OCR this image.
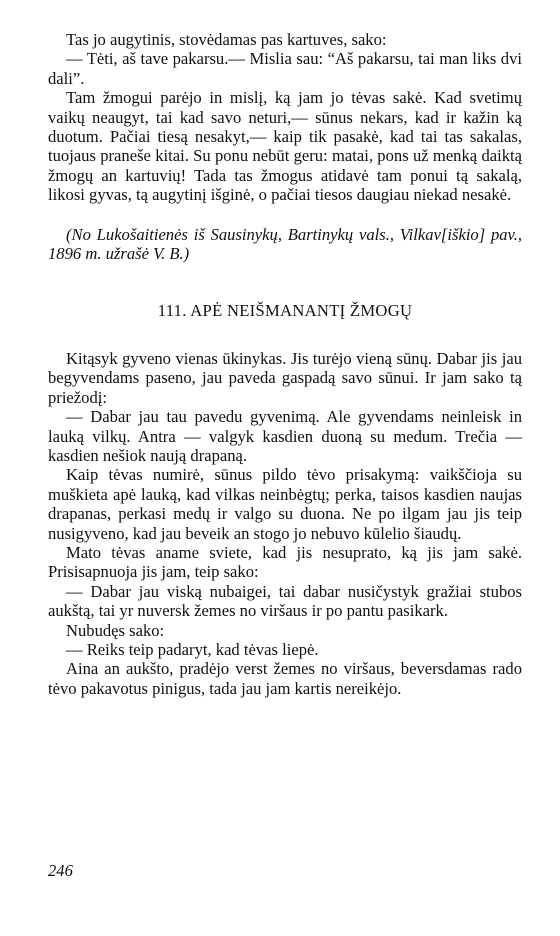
Tas jo augytinis, stovėdamas pas kartuves, sako:

— Tėti, aš tave pakarsu.— Mislia sau: “Aš pakarsu, tai man liks dvi dali”.

Tam žmogui parėjo in mislį, ką jam jo tėvas sakė. Kad svetimų vaikų neaugyt, tai kad savo neturi,— sūnus nekars, kad ir kažin ką duotum. Pačiai tiesą nesakyt,— kaip tik pasakė, kad tai tas sakalas, tuojaus praneše kitai. Su ponu nebūt geru: matai, pons už menką daiktą žmogų an kartuvių! Tada tas žmogus atidavė tam ponui tą sakalą, likosi gyvas, tą augytinį išginė, o pačiai tiesos daugiau niekad nesakė.

(No Lukošaitienės iš Sausinykų, Bartinykų vals., Vilkav[iškio] pav., 1896 m. užrašė V. B.)

111. APĖ NEIŠMANANTĮ ŽMOGŲ

Kitąsyk gyveno vienas ūkinykas. Jis turėjo vieną sūnų. Dabar jis jau begyvendams paseno, jau paveda gaspadą savo sūnui. Ir jam sako tą priežodį:

— Dabar jau tau pavedu gyvenimą. Ale gyvendams neinleisk in lauką vilkų. Antra — valgyk kasdien duoną su medum. Trečia — kasdien nešiok naują drapaną.

Kaip tėvas numirė, sūnus pildo tėvo prisakymą: vaikščioja su muškieta apė lauką, kad vilkas neinbėgtų; perka, taisos kasdien naujas drapanas, perkasi medų ir valgo su duona. Ne po ilgam jau jis teip nusigyveno, kad jau beveik an stogo jo nebuvo kūlelio šiaudų.

Mato tėvas aname sviete, kad jis nesuprato, ką jis jam sakė. Prisisapnuoja jis jam, teip sako:

— Dabar jau viską nubaigei, tai dabar nusičystyk gražiai stubos aukštą, tai yr nuversk žemes no viršaus ir po pantu pasikark.

Nubudęs sako:

— Reiks teip padaryt, kad tėvas liepė.

Aina an aukšto, pradėjo verst žemes no viršaus, beversdamas rado tėvo pakavotus pinigus, tada jau jam kartis nereikėjo.

246
